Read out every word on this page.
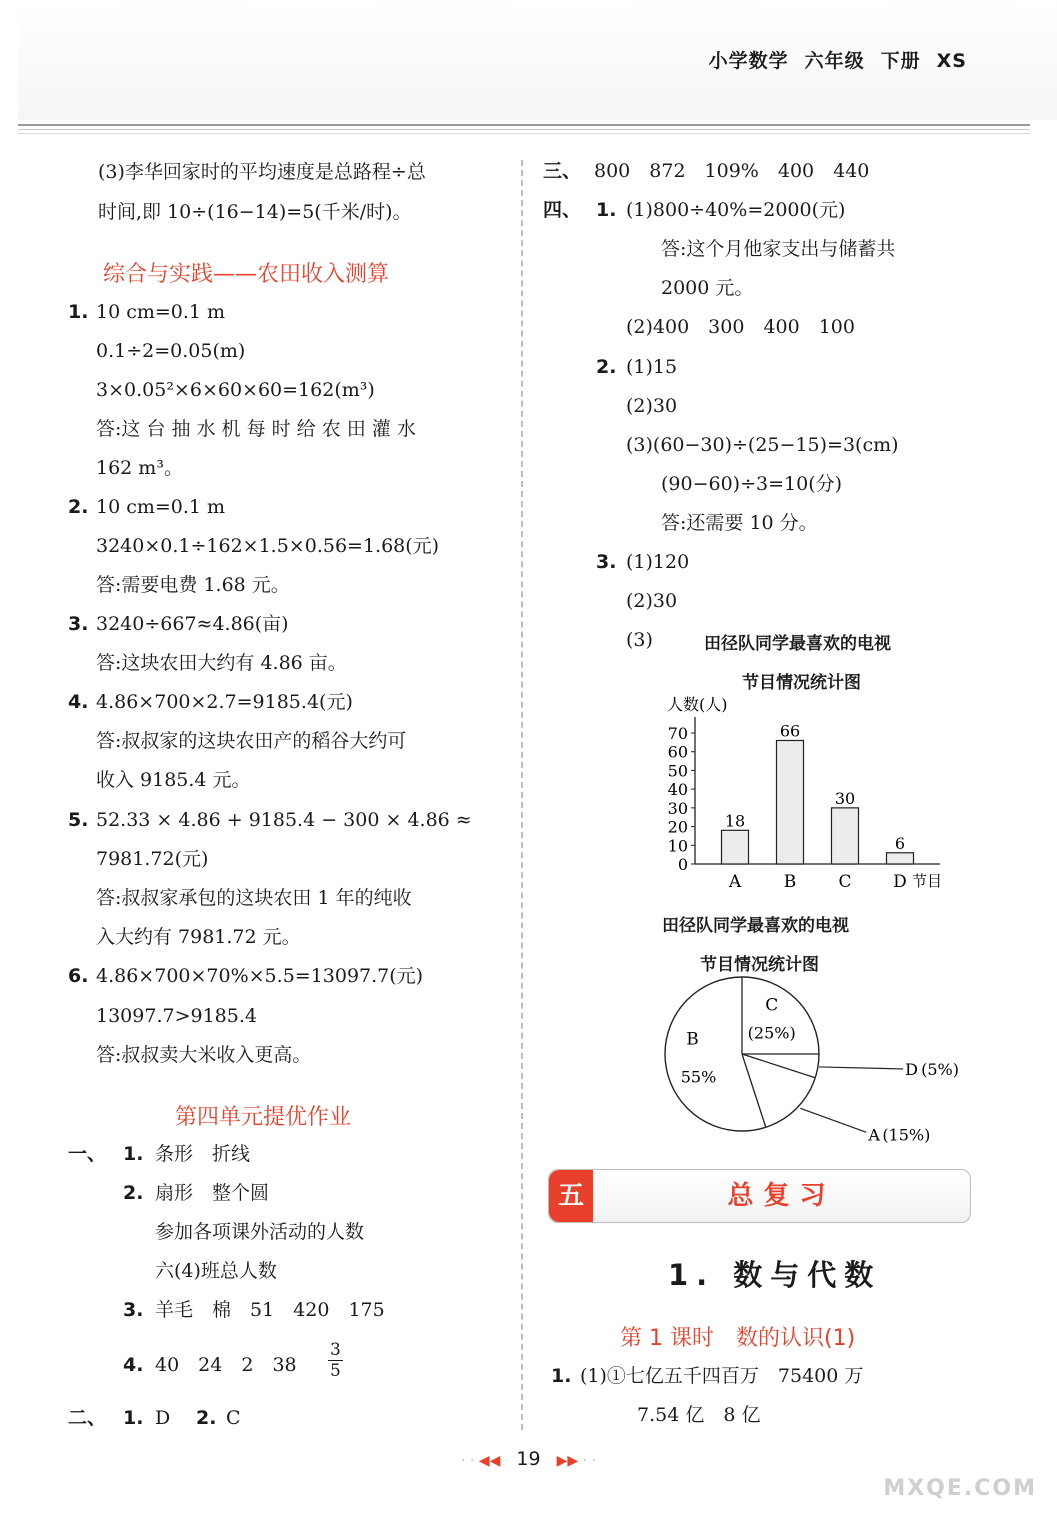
小学数学 六年级 下册 XS
(3)李华回家时的平均速度是总路程÷总
时间,即 10÷(16−14)=5(千米/时)。
综合与实践——农田收入测算
1. 10 cm=0.1 m
0.1÷2=0.05(m)
3×0.05²×6×60×60=162(m³)
答:这 台 抽 水 机 每 时 给 农 田 灌 水
162 m³。
2. 10 cm=0.1 m
3240×0.1÷162×1.5×0.56=1.68(元)
答:需要电费 1.68 元。
3. 3240÷667≈4.86(亩)
答:这块农田大约有 4.86 亩。
4. 4.86×700×2.7=9185.4(元)
答:叔叔家的这块农田产的稻谷大约可
收入 9185.4 元。
5. 52.33 × 4.86 + 9185.4 − 300 × 4.86 ≈
7981.72(元)
答:叔叔家承包的这块农田 1 年的纯收
入大约有 7981.72 元。
6. 4.86×700×70%×5.5=13097.7(元)
13097.7>9185.4
答:叔叔卖大米收入更高。
第四单元提优作业
一、 1. 条形　折线
2. 扇形　整个圆
参加各项课外活动的人数
六(4)班总人数
3. 羊毛　棉　51　420　175
4. 40　24　2　$38 \frac{3}{5}$
二、 1. D 2. C
三、 800　872　109%　400　440
四、 1. (1)800÷40%=2000(元)
答:这个月他家支出与储蓄共
2000 元。
(2)400　300　400　100
2. (1)15
(2)30
(3)(60−30)÷(25−15)=3(cm)
(90−60)÷3=10(分)
答:还需要 10 分。
3. (1)120
(2)30
(3)	田径队同学最喜欢的电视
节目情况统计图
人数(人)
0
10
20
30
40
50
60
70
18
A
66
B
30
C
6
D 节目
田径队同学最喜欢的电视
节目情况统计图
C
(25%)
D (5%)
A (15%)
B
55%
五	总复习
1. 数与代数
第 1 课时　数的认识(1)
1. (1)①七亿五千四百万　75400 万
7.54 亿　8 亿
· · ◀◀ 19 ▶▶ · ·
MXQE.COM
